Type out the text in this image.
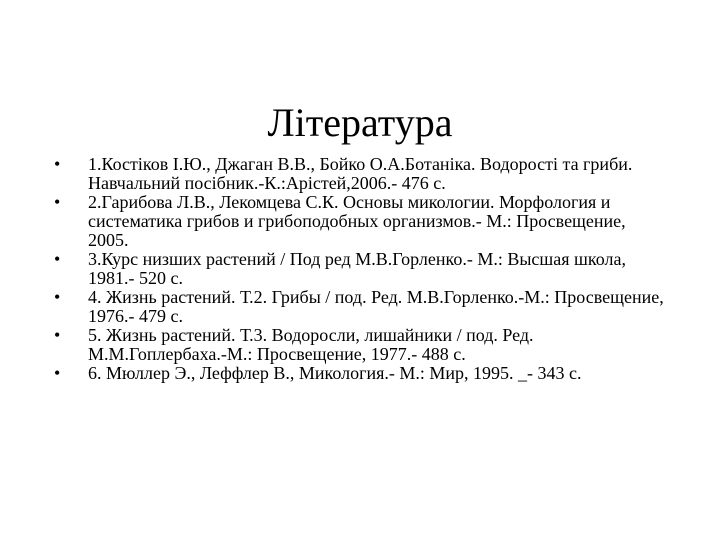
Література
•	1.Костіков І.Ю., Джаган В.В., Бойко О.А.Ботаніка. Водорості та гриби. Навчальний посібник.-К.:Арістей,2006.- 476 с.
•	2.Гарибова Л.В., Лекомцева С.К. Основы микологии. Морфология и систематика грибов и грибоподобных организмов.- М.: Просвещение, 2005.
•	3.Курс низших растений / Под ред М.В.Горленко.- М.: Высшая школа, 1981.- 520 с.
•	4. Жизнь растений. Т.2. Грибы / под. Ред. М.В.Горленко.-М.: Просвещение, 1976.- 479 с.
•	5. Жизнь растений. Т.3. Водоросли, лишайники / под. Ред. М.М.Гоплербаха.-М.: Просвещение, 1977.- 488 с.
•	6. Мюллер Э., Леффлер В., Микология.- М.: Мир, 1995. _- 343 с.
